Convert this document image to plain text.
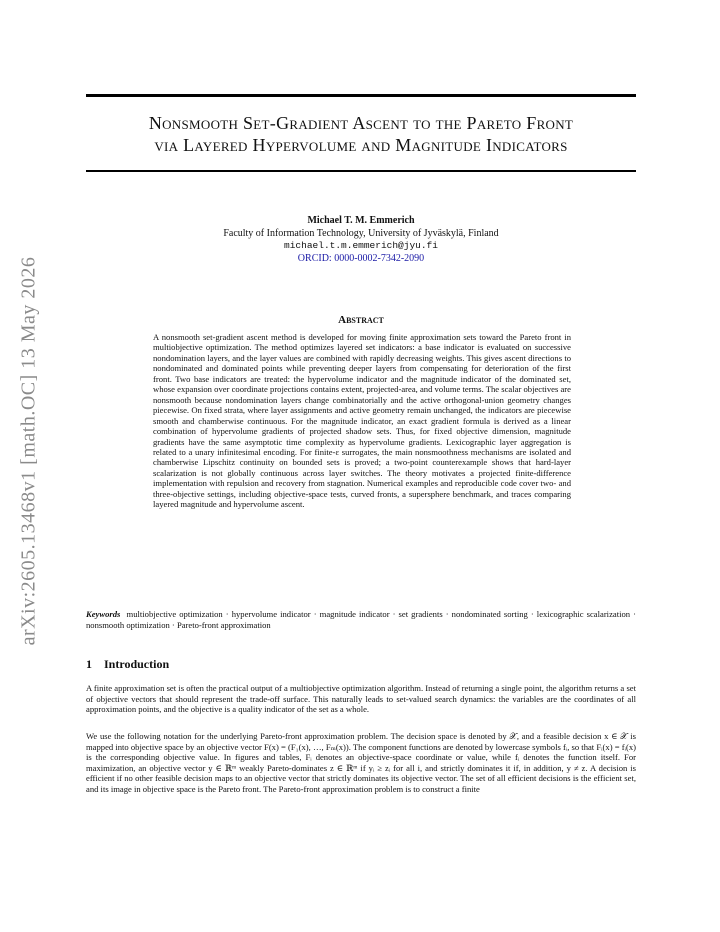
arXiv:2605.13468v1 [math.OC] 13 May 2026
Nonsmooth Set-Gradient Ascent to the Pareto Front
via Layered Hypervolume and Magnitude Indicators
Michael T. M. Emmerich
Faculty of Information Technology, University of Jyväskylä, Finland
michael.t.m.emmerich@jyu.fi
ORCID: 0000-0002-7342-2090
Abstract

A nonsmooth set-gradient ascent method is developed for moving finite approximation sets toward the Pareto front in multiobjective optimization. The method optimizes layered set indicators: a base indicator is evaluated on successive nondomination layers, and the layer values are combined with rapidly decreasing weights. This gives ascent directions to nondominated and dominated points while preventing deeper layers from compensating for deterioration of the first front. Two base indicators are treated: the hypervolume indicator and the magnitude indicator of the dominated set, whose expansion over coordinate projections contains extent, projected-area, and volume terms. The scalar objectives are nonsmooth because nondomination layers change combinatorially and the active orthogonal-union geometry changes piecewise. On fixed strata, where layer assignments and active geometry remain unchanged, the indicators are piecewise smooth and chamberwise continuous. For the magnitude indicator, an exact gradient formula is derived as a linear combination of hypervolume gradients of projected shadow sets. Thus, for fixed objective dimension, magnitude gradients have the same asymptotic time complexity as hypervolume gradients. Lexicographic layer aggregation is related to a unary infinitesimal encoding. For finite-ε surrogates, the main nonsmoothness mechanisms are isolated and chamberwise Lipschitz continuity on bounded sets is proved; a two-point counterexample shows that hard-layer scalarization is not globally continuous across layer switches. The theory motivates a projected finite-difference implementation with repulsion and recovery from stagnation. Numerical examples and reproducible code cover two- and three-objective settings, including objective-space tests, curved fronts, a supersphere benchmark, and traces comparing layered magnitude and hypervolume ascent.

Keywords multiobjective optimization · hypervolume indicator · magnitude indicator · set gradients · nondominated sorting · lexicographic scalarization · nonsmooth optimization · Pareto-front approximation

1 Introduction

A finite approximation set is often the practical output of a multiobjective optimization algorithm. Instead of returning a single point, the algorithm returns a set of objective vectors that should represent the trade-off surface. This naturally leads to set-valued search dynamics: the variables are the coordinates of all approximation points, and the objective is a quality indicator of the set as a whole.

We use the following notation for the underlying Pareto-front approximation problem. The decision space is denoted by 𝒳, and a feasible decision x ∈ 𝒳 is mapped into objective space by an objective vector F(x) = (F₁(x), …, Fₘ(x)). The component functions are denoted by lowercase symbols fᵢ, so that Fᵢ(x) = fᵢ(x) is the corresponding objective value. In figures and tables, Fᵢ denotes an objective-space coordinate or value, while fᵢ denotes the function itself. For maximization, an objective vector y ∈ ℝᵐ weakly Pareto-dominates z ∈ ℝᵐ if yᵢ ≥ zᵢ for all i, and strictly dominates it if, in addition, y ≠ z. A decision is efficient if no other feasible decision maps to an objective vector that strictly dominates its objective vector. The set of all efficient decisions is the efficient set, and its image in objective space is the Pareto front. The Pareto-front approximation problem is to construct a finite
